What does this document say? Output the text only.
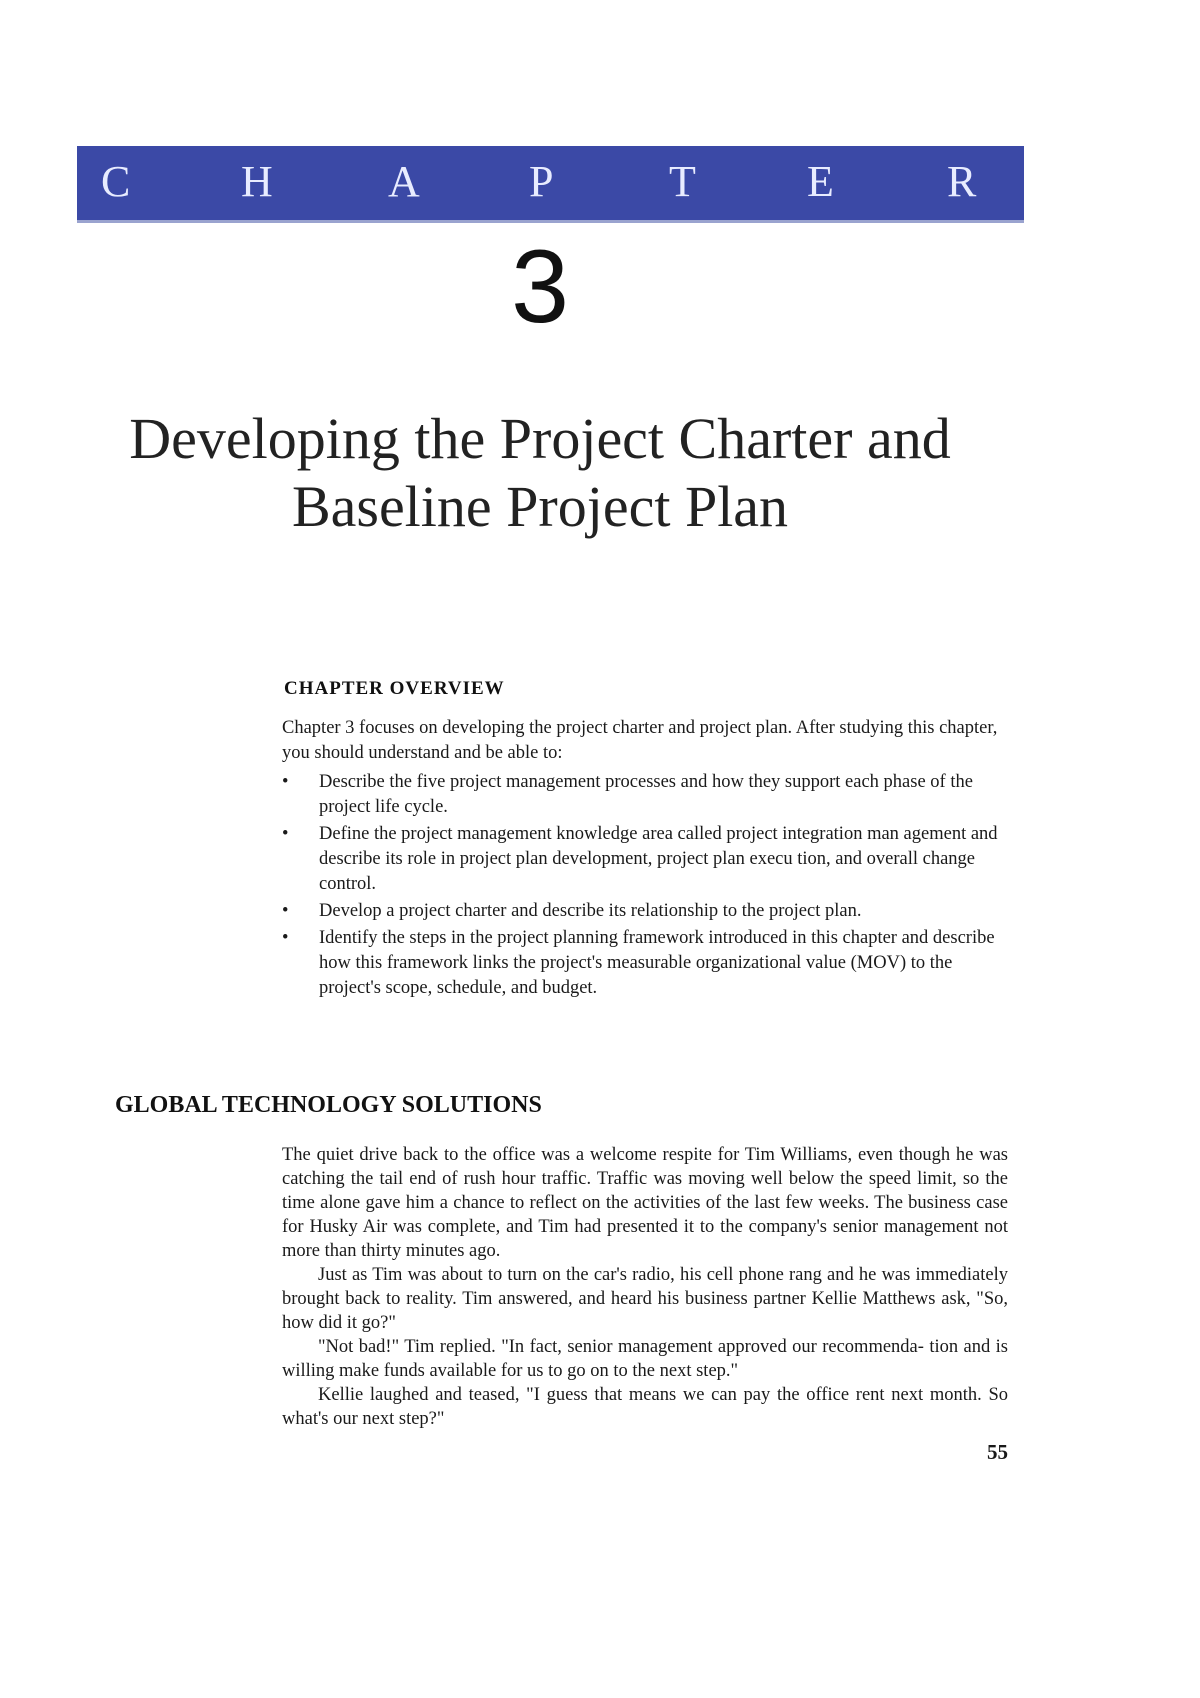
C	H	A P	T	E	R
3
Developing the Project Charter and
Baseline Project Plan
CHAPTER OVERVIEW
Chapter 3 focuses on developing the project charter and project plan. After studying this chapter, you should understand and be able to:
• Describe the five project management processes and how they support each phase of the project life cycle.
• Define the project management knowledge area called project integration man agement and describe its role in project plan development, project plan execu tion, and overall change control.
• Develop a project charter and describe its relationship to the project plan.
• Identify the steps in the project planning framework introduced in this chapter and describe how this framework links the project's measurable organizational value (MOV) to the project's scope, schedule, and budget.
GLOBAL TECHNOLOGY SOLUTIONS

The quiet drive back to the office was a welcome respite for Tim Williams, even though he was catching the tail end of rush hour traffic. Traffic was moving well below the speed limit, so the time alone gave him a chance to reflect on the activities of the last few weeks. The business case for Husky Air was complete, and Tim had presented it to the company's senior management not more than thirty minutes ago.

Just as Tim was about to turn on the car's radio, his cell phone rang and he was immediately brought back to reality. Tim answered, and heard his business partner Kellie Matthews ask, "So, how did it go?"

"Not bad!" Tim replied. "In fact, senior management approved our recommenda- tion and is willing make funds available for us to go on to the next step."

Kellie laughed and teased, "I guess that means we can pay the office rent next month. So what's our next step?"

55
